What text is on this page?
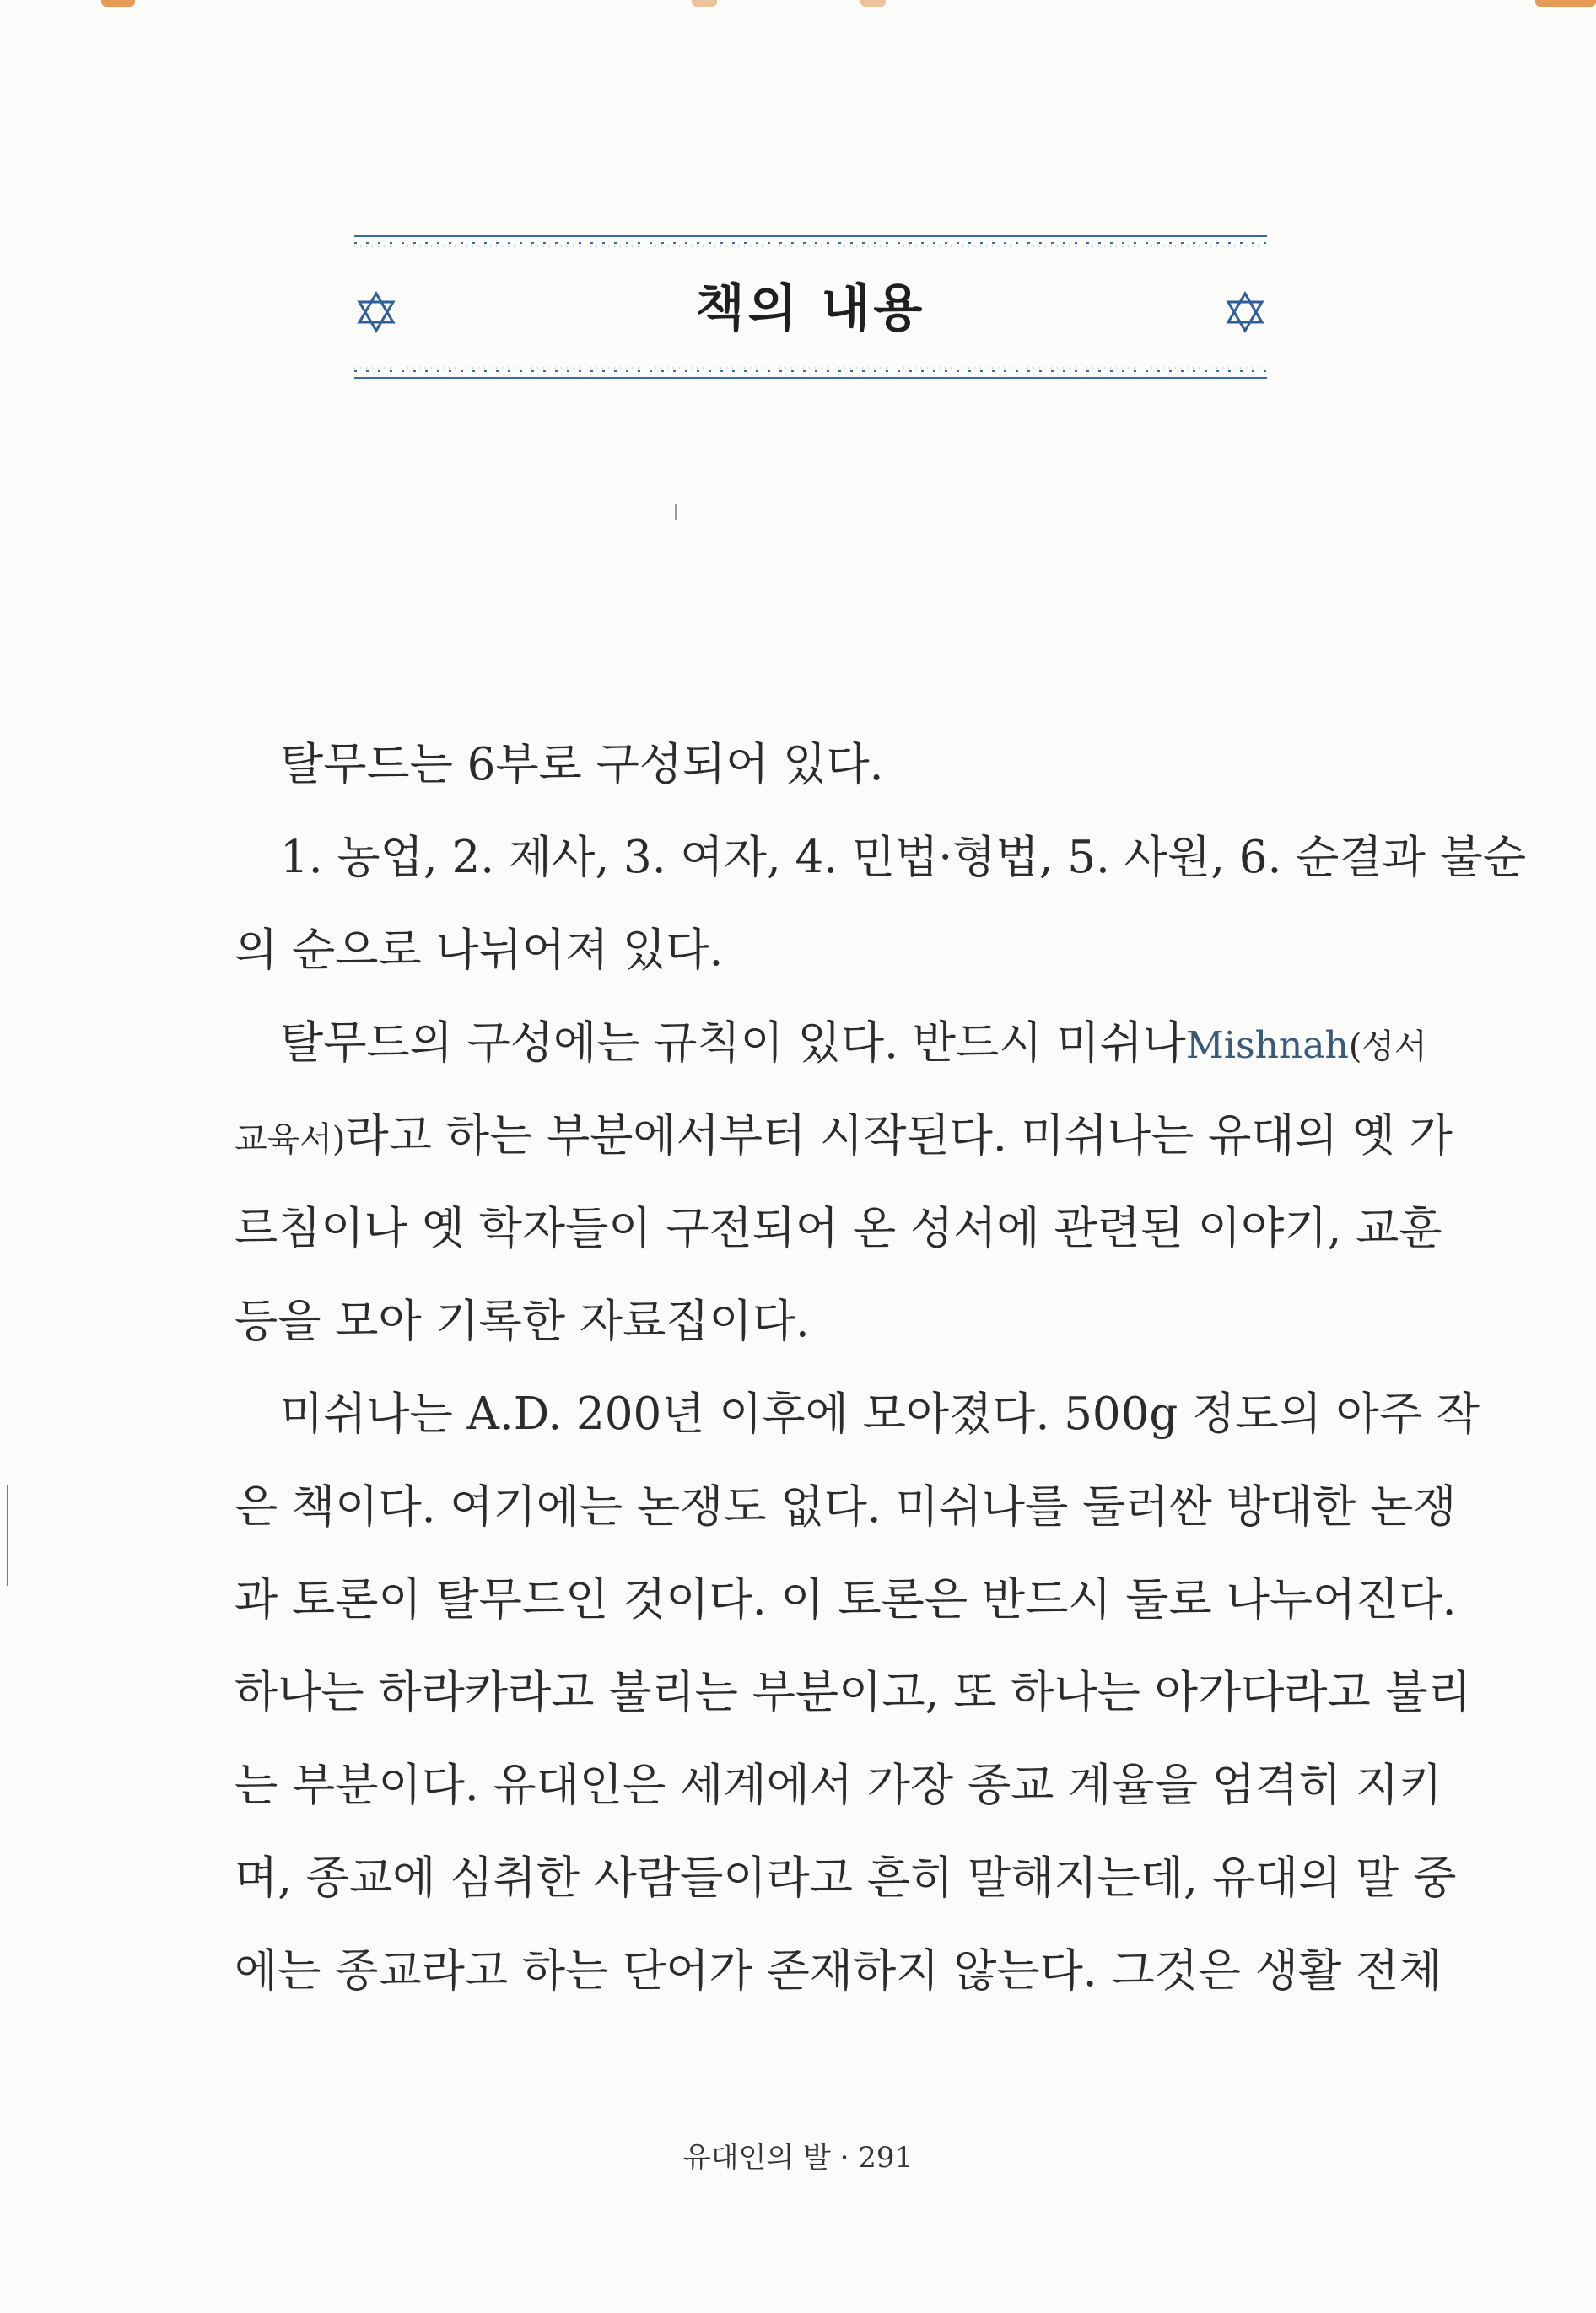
책의 내용
탈무드는 6부로 구성되어 있다.
1. 농업, 2. 제사, 3. 여자, 4. 민법·형법, 5. 사원, 6. 순결과 불순
의 순으로 나뉘어져 있다.
탈무드의 구성에는 규칙이 있다. 반드시 미쉬나Mishnah(성서
교육서)라고 하는 부분에서부터 시작된다. 미쉬나는 유대의 옛 가
르침이나 옛 학자들이 구전되어 온 성서에 관련된 이야기, 교훈
등을 모아 기록한 자료집이다.
미쉬나는 A.D. 200년 이후에 모아졌다. 500g 정도의 아주 작
은 책이다. 여기에는 논쟁도 없다. 미쉬나를 둘러싼 방대한 논쟁
과 토론이 탈무드인 것이다. 이 토론은 반드시 둘로 나누어진다.
하나는 하라카라고 불리는 부분이고, 또 하나는 아가다라고 불리
는 부분이다. 유대인은 세계에서 가장 종교 계율을 엄격히 지키
며, 종교에 심취한 사람들이라고 흔히 말해지는데, 유대의 말 중
에는 종교라고 하는 단어가 존재하지 않는다. 그것은 생활 전체
유대인의 발 · 291
